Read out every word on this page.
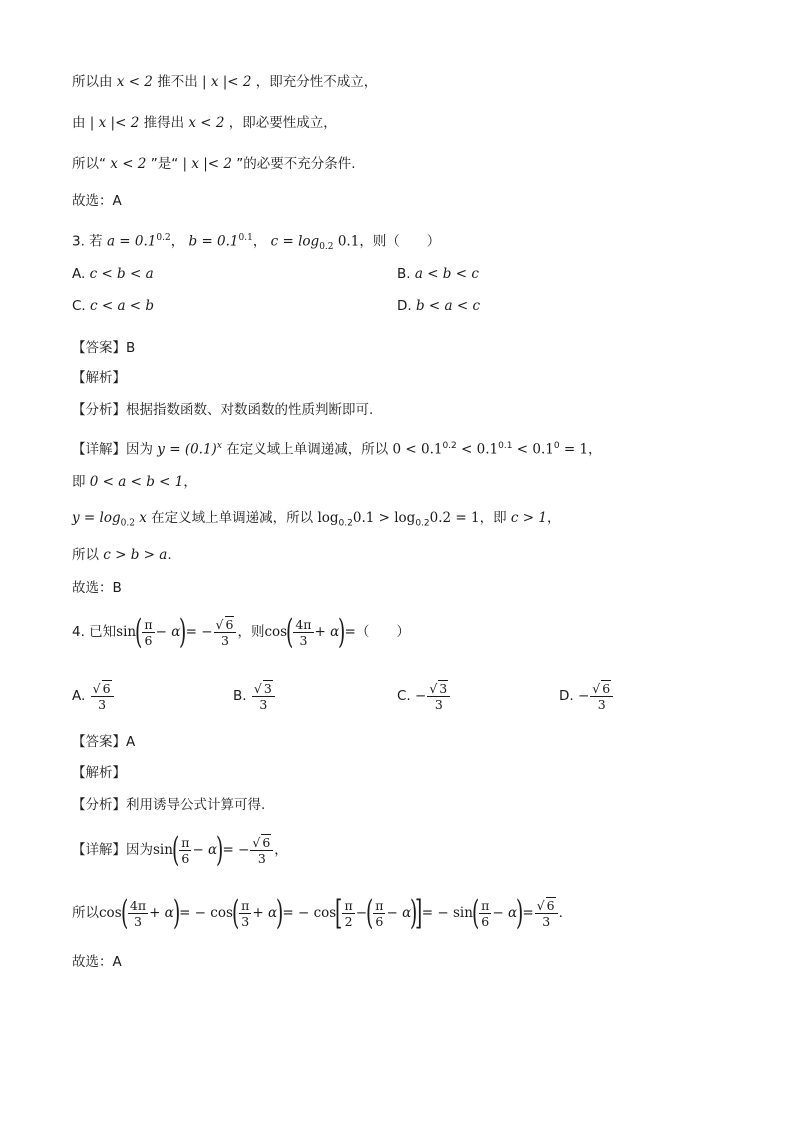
所以由 x < 2 推不出 | x |< 2 ，即充分性不成立，
由 | x |< 2 推得出 x < 2 ，即必要性成立，
所以“ x < 2 ”是“ | x |< 2 ”的必要不充分条件.
故选：A
3. 若 $a = 0.1^{0.2}$， $b = 0.1^{0.1}$， $c = \log_{0.2} 0.1$，则（　　）
A. c < b < a	B. a < b < c
C. c < a < b	D. b < a < c
【答案】B
【解析】
【分析】根据指数函数、对数函数的性质判断即可.
【详解】因为 $y = (0.1)^x$ 在定义域上单调递减，所以 $0 < 0.1^{0.2} < 0.1^{0.1} < 0.1^0 = 1$，
即 0 < a < b < 1，
$y = \log_{0.2} x$ 在定义域上单调递减，所以 $\log_{0.2}0.1 > \log_{0.2}0.2 = 1$，即 c > 1，
所以 c > b > a.
故选：B
4. 已知$\sin( \frac{\pi}{6} - \alpha)= - \frac{√ 6}{3}$ ，则$\cos( \frac{4\pi}{3} + \alpha)=$（　　）
A. $\frac{√ 6}{3}$	B. $\frac{√ 3}{3}$	C. − $\frac{√ 3}{3}$	D. − $\frac{√ 6}{3}$
【答案】A
【解析】
【分析】利用诱导公式计算可得.
【详解】因为$\sin( \frac{\pi}{6} - \alpha)= - \frac{√ 6}{3}$ ，
所以$\cos( \frac{4\pi}{3} + \alpha)= - \cos( \frac{\pi}{3} + \alpha)= - \cos[ \frac{\pi}{2}$ −( $\frac{\pi}{6} - \alpha)]= - \sin( \frac{\pi}{6} - \alpha)= \frac{√ 6}{3}$ .
故选：A
